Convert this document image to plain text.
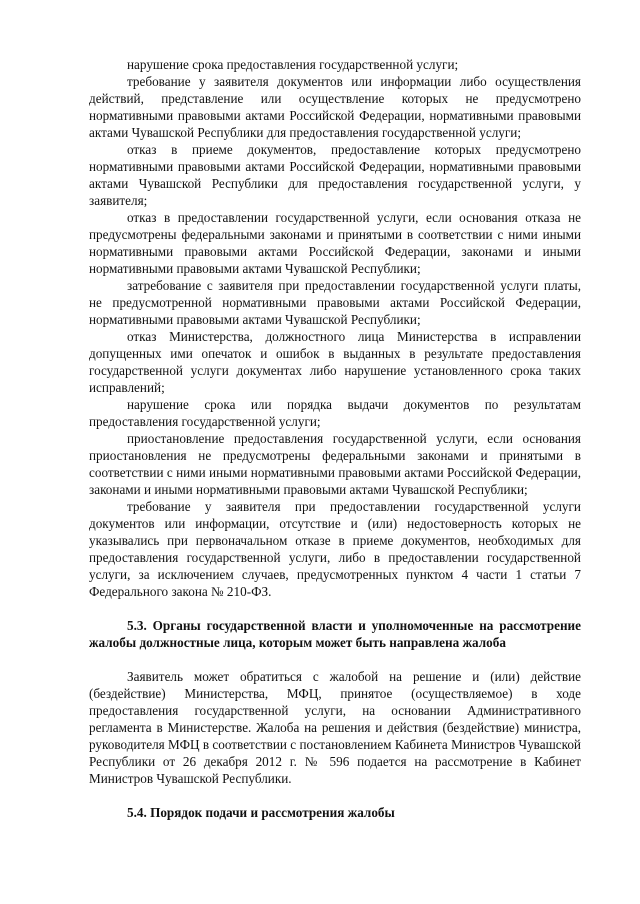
нарушение срока предоставления государственной услуги;

требование у заявителя документов или информации либо осуществления действий, представление или осуществление которых не предусмотрено нормативными правовыми актами Российской Федерации, нормативными правовыми актами Чувашской Республики для предоставления государственной услуги;

отказ в приеме документов, предоставление которых предусмотрено нормативными правовыми актами Российской Федерации, нормативными правовыми актами Чувашской Республики для предоставления государственной услуги, у заявителя;

отказ в предоставлении государственной услуги, если основания отказа не предусмотрены федеральными законами и принятыми в соответствии с ними иными нормативными правовыми актами Российской Федерации, законами и иными нормативными правовыми актами Чувашской Республики;

затребование с заявителя при предоставлении государственной услуги платы, не предусмотренной нормативными правовыми актами Российской Федерации, нормативными правовыми актами Чувашской Республики;

отказ Министерства, должностного лица Министерства в исправлении допущенных ими опечаток и ошибок в выданных в результате предоставления государственной услуги документах либо нарушение установленного срока таких исправлений;

нарушение срока или порядка выдачи документов по результатам предоставления государственной услуги;

приостановление предоставления государственной услуги, если основания приостановления не предусмотрены федеральными законами и принятыми в соответствии с ними иными нормативными правовыми актами Российской Федерации, законами и иными нормативными правовыми актами Чувашской Республики;

требование у заявителя при предоставлении государственной услуги документов или информации, отсутствие и (или) недостоверность которых не указывались при первоначальном отказе в приеме документов, необходимых для предоставления государственной услуги, либо в предоставлении государственной услуги, за исключением случаев, предусмотренных пунктом 4 части 1 статьи 7 Федерального закона № 210-ФЗ.

5.3. Органы государственной власти и уполномоченные на рассмотрение жалобы должностные лица, которым может быть направлена жалоба

Заявитель может обратиться с жалобой на решение и (или) действие (бездействие) Министерства, МФЦ, принятое (осуществляемое) в ходе предоставления государственной услуги, на основании Административного регламента в Министерстве. Жалоба на решения и действия (бездействие) министра, руководителя МФЦ в соответствии с постановлением Кабинета Министров Чувашской Республики от 26 декабря 2012 г. № 596 подается на рассмотрение в Кабинет Министров Чувашской Республики.

5.4. Порядок подачи и рассмотрения жалобы
